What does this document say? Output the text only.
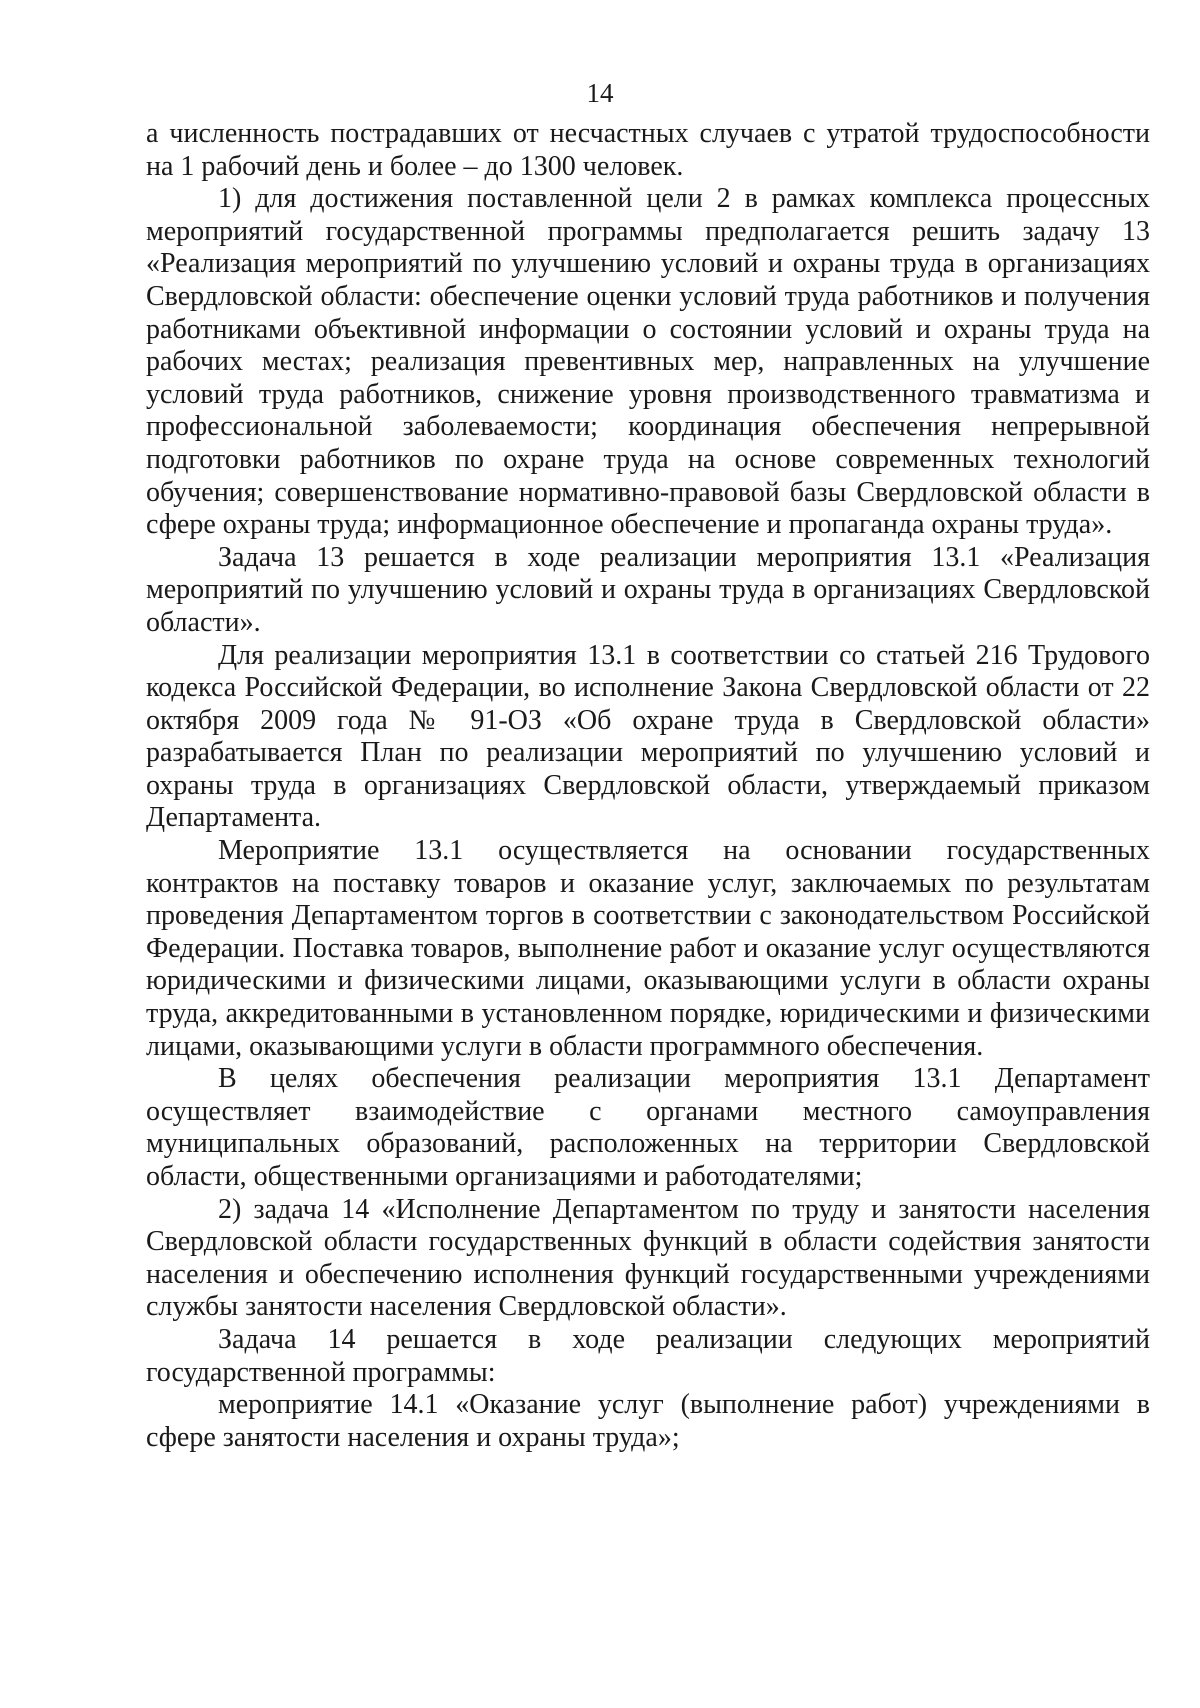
14

а численность пострадавших от несчастных случаев с утратой трудоспособности на 1 рабочий день и более – до 1300 человек.

1) для достижения поставленной цели 2 в рамках комплекса процессных мероприятий государственной программы предполагается решить задачу 13 «Реализация мероприятий по улучшению условий и охраны труда в организациях Свердловской области: обеспечение оценки условий труда работников и получения работниками объективной информации о состоянии условий и охраны труда на рабочих местах; реализация превентивных мер, направленных на улучшение условий труда работников, снижение уровня производственного травматизма и профессиональной заболеваемости; координация обеспечения непрерывной подготовки работников по охране труда на основе современных технологий обучения; совершенствование нормативно-правовой базы Свердловской области в сфере охраны труда; информационное обеспечение и пропаганда охраны труда».

Задача 13 решается в ходе реализации мероприятия 13.1 «Реализация мероприятий по улучшению условий и охраны труда в организациях Свердловской области».

Для реализации мероприятия 13.1 в соответствии со статьей 216 Трудового кодекса Российской Федерации, во исполнение Закона Свердловской области от 22 октября 2009 года № 91-ОЗ «Об охране труда в Свердловской области» разрабатывается План по реализации мероприятий по улучшению условий и охраны труда в организациях Свердловской области, утверждаемый приказом Департамента.

Мероприятие 13.1 осуществляется на основании государственных контрактов на поставку товаров и оказание услуг, заключаемых по результатам проведения Департаментом торгов в соответствии с законодательством Российской Федерации. Поставка товаров, выполнение работ и оказание услуг осуществляются юридическими и физическими лицами, оказывающими услуги в области охраны труда, аккредитованными в установленном порядке, юридическими и физическими лицами, оказывающими услуги в области программного обеспечения.

В целях обеспечения реализации мероприятия 13.1 Департамент осуществляет взаимодействие с органами местного самоуправления муниципальных образований, расположенных на территории Свердловской области, общественными организациями и работодателями;

2) задача 14 «Исполнение Департаментом по труду и занятости населения Свердловской области государственных функций в области содействия занятости населения и обеспечению исполнения функций государственными учреждениями службы занятости населения Свердловской области».

Задача 14 решается в ходе реализации следующих мероприятий государственной программы:

мероприятие 14.1 «Оказание услуг (выполнение работ) учреждениями в сфере занятости населения и охраны труда»;
